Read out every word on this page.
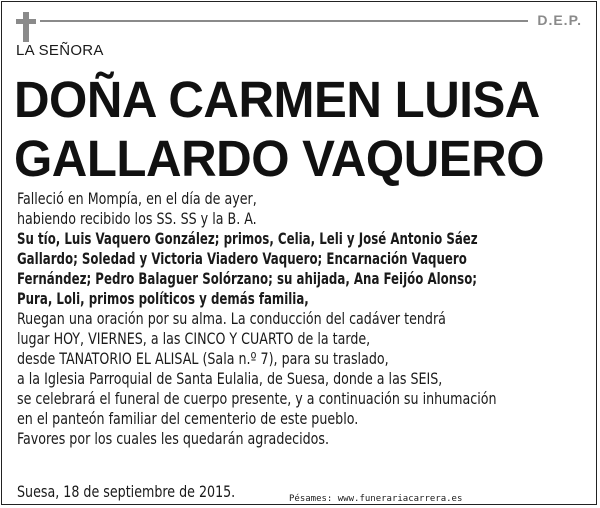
D.E.P.
LA SEÑORA
DOÑA CARMEN LUISA
GALLARDO VAQUERO
Falleció en Mompía, en el día de ayer,
habiendo recibido los SS. SS y la B. A.
Su tío, Luis Vaquero González; primos, Celia, Leli y José Antonio Sáez
Gallardo; Soledad y Victoria Viadero Vaquero; Encarnación Vaquero
Fernández; Pedro Balaguer Solórzano; su ahijada, Ana Feijóo Alonso;
Pura, Loli, primos políticos y demás familia,
Ruegan una oración por su alma. La conducción del cadáver tendrá
lugar HOY, VIERNES, a las CINCO Y CUARTO de la tarde,
desde TANATORIO EL ALISAL (Sala n.º 7), para su traslado,
a la Iglesia Parroquial de Santa Eulalia, de Suesa, donde a las SEIS,
se celebrará el funeral de cuerpo presente, y a continuación su inhumación
en el panteón familiar del cementerio de este pueblo.
Favores por los cuales les quedarán agradecidos.
Suesa, 18 de septiembre de 2015.	Pésames: www.funerariacarrera.es
